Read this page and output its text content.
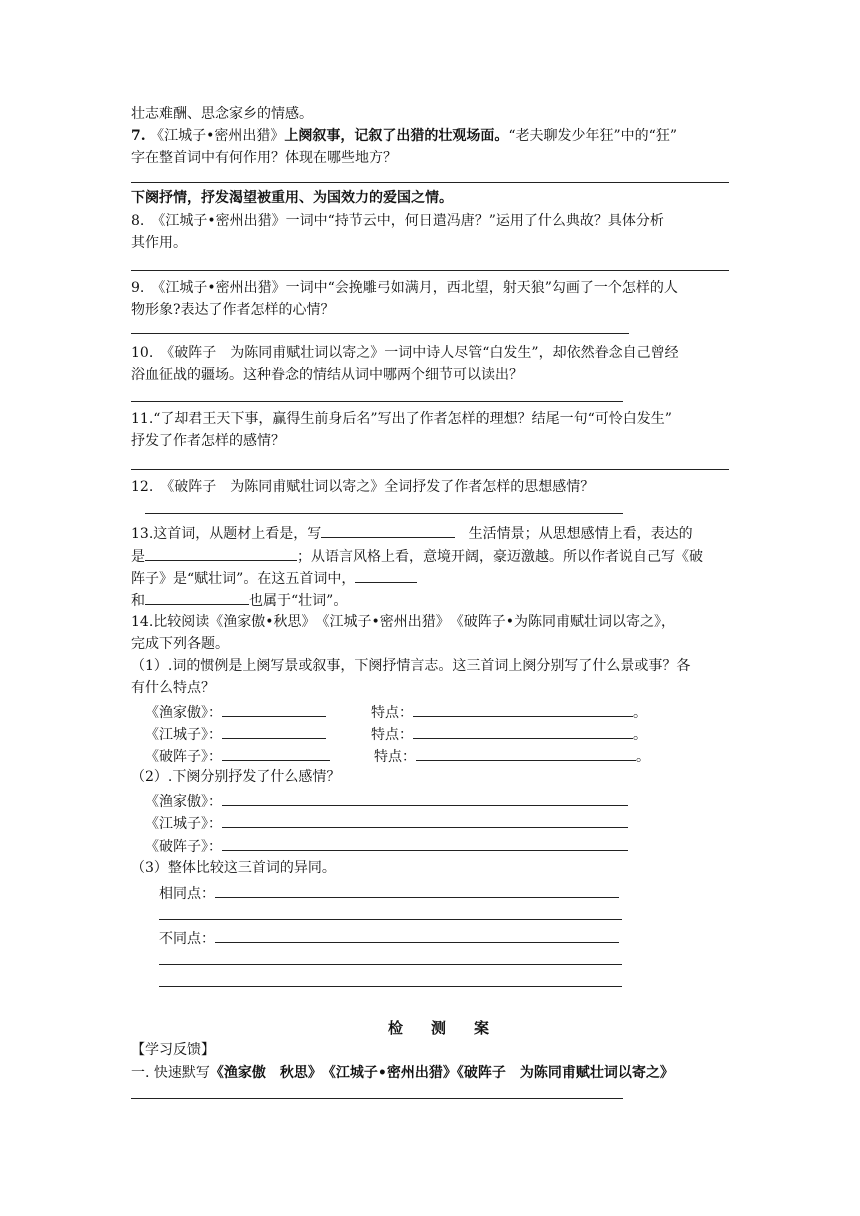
壮志难酬、思念家乡的情感。
7. 《江城子•密州出猎》上阕叙事，记叙了出猎的壮观场面。“老夫聊发少年狂”中的“狂”
字在整首词中有何作用？体现在哪些地方？
下阕抒情，抒发渴望被重用、为国效力的爱国之情。
8.　《江城子•密州出猎》一词中“持节云中，何日遣冯唐？”运用了什么典故？具体分析
其作用。
9.　《江城子•密州出猎》一词中“会挽雕弓如满月，西北望，射天狼”勾画了一个怎样的人
物形象?表达了作者怎样的心情？
10.　《破阵子　为陈同甫赋壮词以寄之》一词中诗人尽管“白发生”，却依然眷念自己曾经
浴血征战的疆场。这种眷念的情结从词中哪两个细节可以读出？
11.“了却君王天下事，赢得生前身后名”写出了作者怎样的理想？结尾一句“可怜白发生”
抒发了作者怎样的感情？
12.　《破阵子　为陈同甫赋壮词以寄之》全词抒发了作者怎样的思想感情？
13.这首词，从题材上看是，写	生活情景；从思想感情上看，表达的
是	；从语言风格上看，意境开阔，豪迈激越。所以作者说自己写《破
阵子》是“赋壮词”。在这五首词中，
和	也属于“壮词”。
14.比较阅读《渔家傲•秋思》　《江城子•密州出猎》　《破阵子•为陈同甫赋壮词以寄之》，
完成下列各题。
（1）.词的惯例是上阕写景或叙事，下阕抒情言志。这三首词上阕分别写了什么景或事？各
有什么特点？
《渔家傲》：	特点：	。
《江城子》：	特点：	。
《破阵子》：	特点：	。
（2）.下阕分别抒发了什么感情？
《渔家傲》：
《江城子》：
《破阵子》：
（3）整体比较这三首词的异同。
相同点：
不同点：
检测案
【学习反馈】
一. 快速默写《渔家傲　秋思》　《江城子•密州出猎》《破阵子　为陈同甫赋壮词以寄之》
